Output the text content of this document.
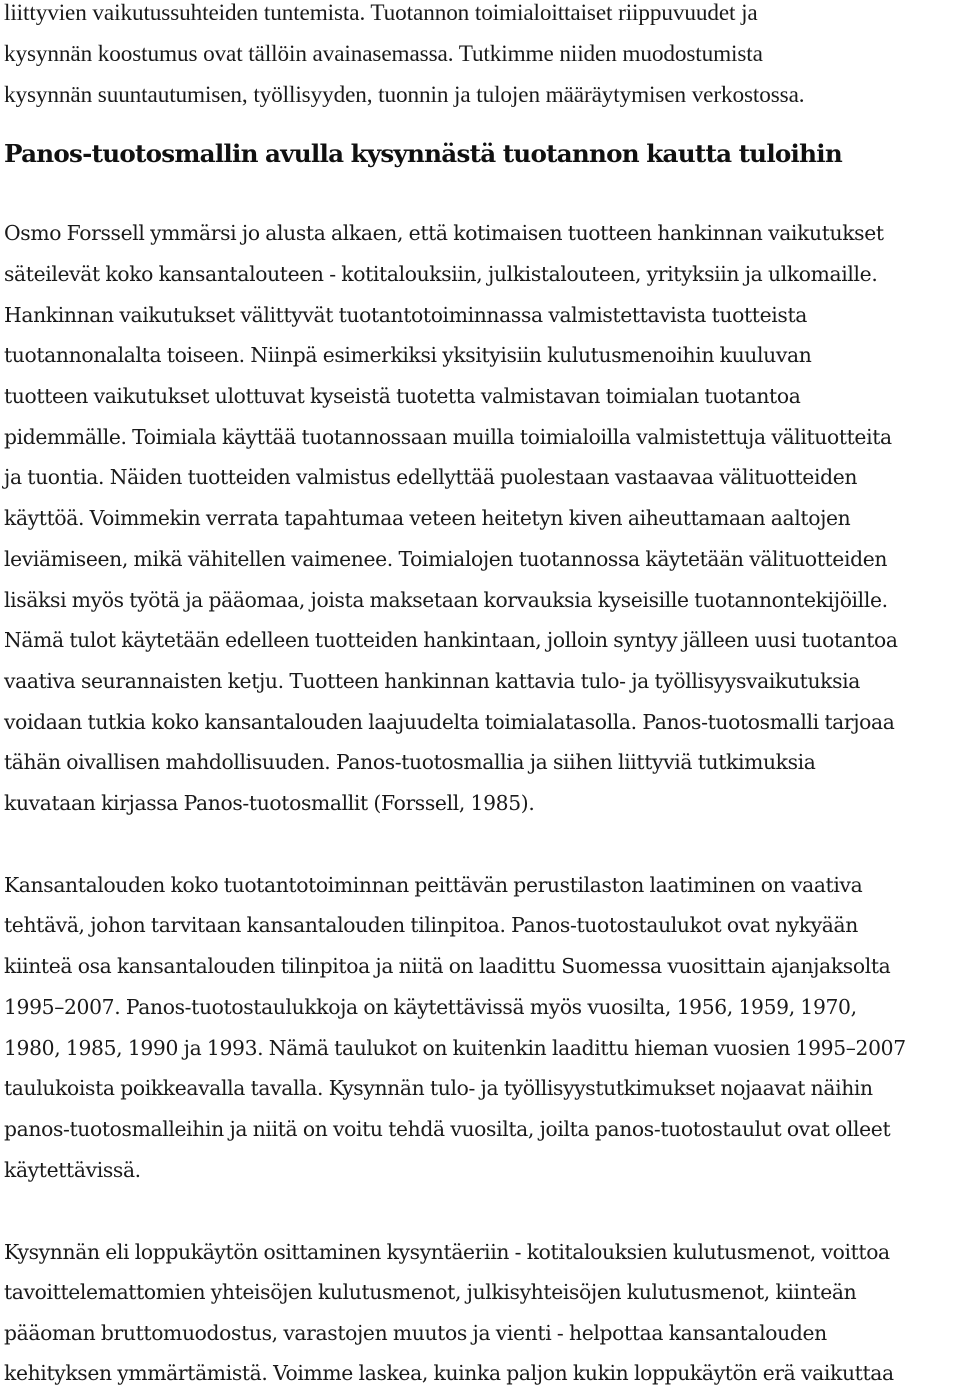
liittyvien vaikutussuhteiden tuntemista. Tuotannon toimialoittaiset riippuvuudet ja
kysynnän koostumus ovat tällöin avainasemassa. Tutkimme niiden muodostumista
kysynnän suuntautumisen, työllisyyden, tuonnin ja tulojen määräytymisen verkostossa.
Panos-tuotosmallin avulla kysynnästä tuotannon kautta tuloihin
Osmo Forssell ymmärsi jo alusta alkaen, että kotimaisen tuotteen hankinnan vaikutukset
säteilevät koko kansantalouteen - kotitalouksiin, julkistalouteen, yrityksiin ja ulkomaille.
Hankinnan vaikutukset välittyvät tuotantotoiminnassa valmistettavista tuotteista
tuotannonalalta toiseen. Niinpä esimerkiksi yksityisiin kulutusmenoihin kuuluvan
tuotteen vaikutukset ulottuvat kyseistä tuotetta valmistavan toimialan tuotantoa
pidemmälle. Toimiala käyttää tuotannossaan muilla toimialoilla valmistettuja välituotteita
ja tuontia. Näiden tuotteiden valmistus edellyttää puolestaan vastaavaa välituotteiden
käyttöä. Voimmekin verrata tapahtumaa veteen heitetyn kiven aiheuttamaan aaltojen
leviämiseen, mikä vähitellen vaimenee. Toimialojen tuotannossa käytetään välituotteiden
lisäksi myös työtä ja pääomaa, joista maksetaan korvauksia kyseisille tuotannontekijöille.
Nämä tulot käytetään edelleen tuotteiden hankintaan, jolloin syntyy jälleen uusi tuotantoa
vaativa seurannaisten ketju. Tuotteen hankinnan kattavia tulo- ja työllisyysvaikutuksia
voidaan tutkia koko kansantalouden laajuudelta toimialatasolla. Panos-tuotosmalli tarjoaa
tähän oivallisen mahdollisuuden. Panos-tuotosmallia ja siihen liittyviä tutkimuksia
kuvataan kirjassa Panos-tuotosmallit (Forssell, 1985).
Kansantalouden koko tuotantotoiminnan peittävän perustilaston laatiminen on vaativa
tehtävä, johon tarvitaan kansantalouden tilinpitoa. Panos-tuotostaulukot ovat nykyään
kiinteä osa kansantalouden tilinpitoa ja niitä on laadittu Suomessa vuosittain ajanjaksolta
1995–2007. Panos-tuotostaulukkoja on käytettävissä myös vuosilta, 1956, 1959, 1970,
1980, 1985, 1990 ja 1993. Nämä taulukot on kuitenkin laadittu hieman vuosien 1995–2007
taulukoista poikkeavalla tavalla. Kysynnän tulo- ja työllisyystutkimukset nojaavat näihin
panos-tuotosmalleihin ja niitä on voitu tehdä vuosilta, joilta panos-tuotostaulut ovat olleet
käytettävissä.
Kysynnän eli loppukäytön osittaminen kysyntäeriin - kotitalouksien kulutusmenot, voittoa
tavoittelemattomien yhteisöjen kulutusmenot, julkisyhteisöjen kulutusmenot, kiinteän
pääoman bruttomuodostus, varastojen muutos ja vienti - helpottaa kansantalouden
kehityksen ymmärtämistä. Voimme laskea, kuinka paljon kukin loppukäytön erä vaikuttaa
